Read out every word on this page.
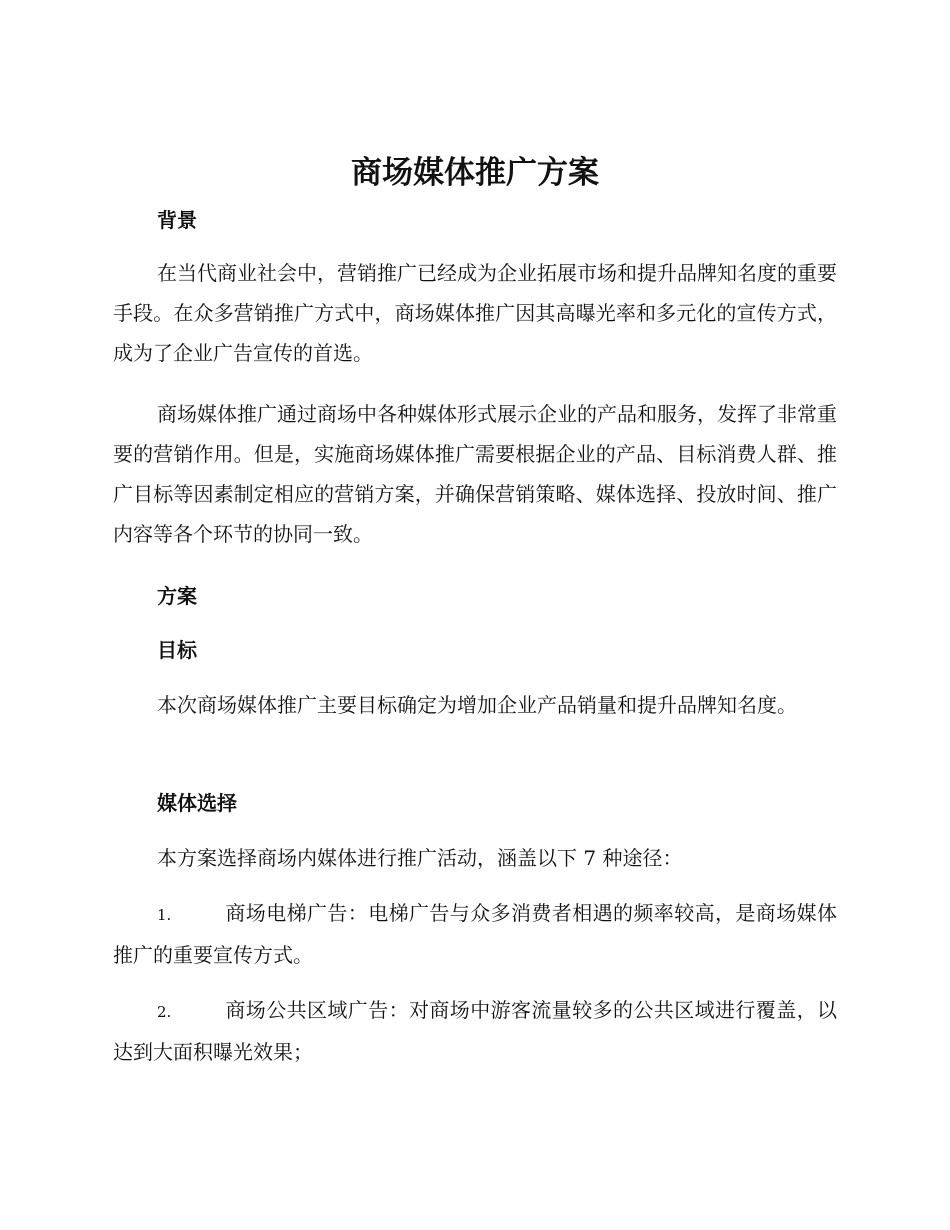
商场媒体推广方案
背景

在当代商业社会中，营销推广已经成为企业拓展市场和提升品牌知名度的重要手段。在众多营销推广方式中，商场媒体推广因其高曝光率和多元化的宣传方式，成为了企业广告宣传的首选。

商场媒体推广通过商场中各种媒体形式展示企业的产品和服务，发挥了非常重要的营销作用。但是，实施商场媒体推广需要根据企业的产品、目标消费人群、推广目标等因素制定相应的营销方案，并确保营销策略、媒体选择、投放时间、推广内容等各个环节的协同一致。

方案
目标

本次商场媒体推广主要目标确定为增加企业产品销量和提升品牌知名度。

媒体选择

本方案选择商场内媒体进行推广活动，涵盖以下 7 种途径：

1.	商场电梯广告：电梯广告与众多消费者相遇的频率较高，是商场媒体推广的重要宣传方式。

2.	商场公共区域广告：对商场中游客流量较多的公共区域进行覆盖，以达到大面积曝光效果；
